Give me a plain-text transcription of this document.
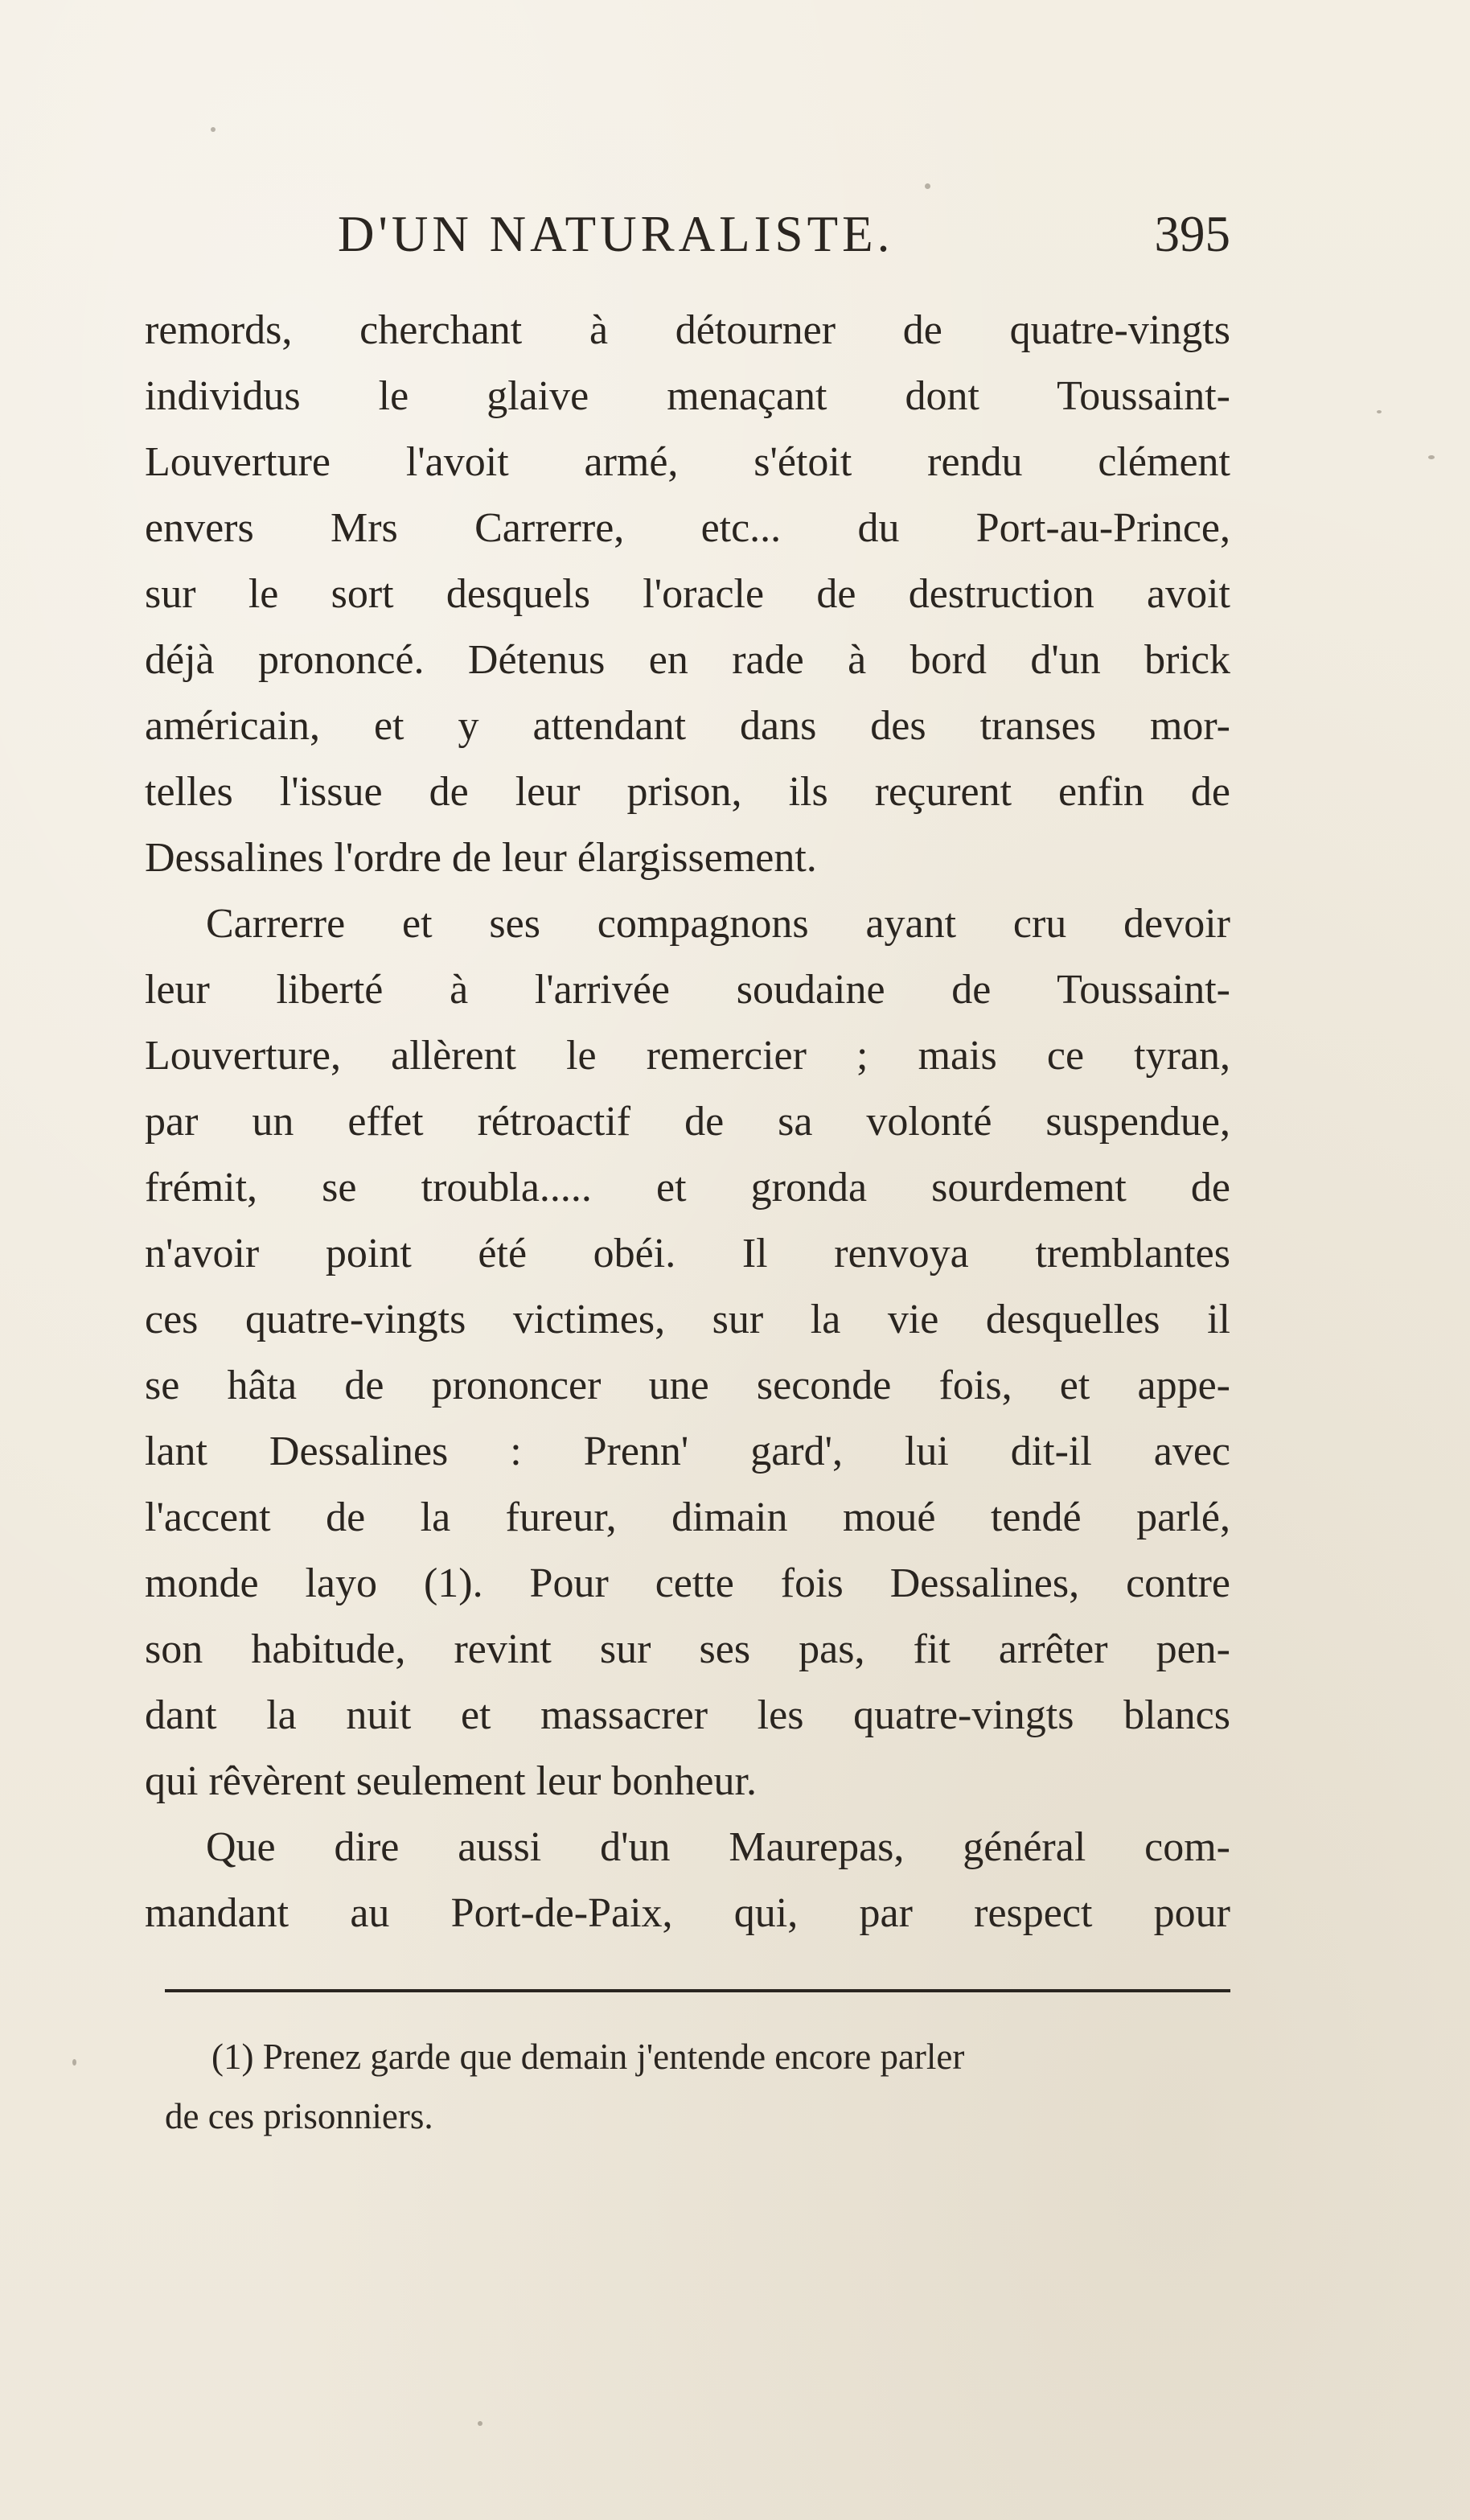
D'UN NATURALISTE.	395
remords, cherchant à détourner de quatre-vingts
individus le glaive menaçant dont Toussaint-
Louverture l'avoit armé, s'étoit rendu clément
envers Mrs Carrerre, etc... du Port-au-Prince,
sur le sort desquels l'oracle de destruction avoit
déjà prononcé. Détenus en rade à bord d'un brick
américain, et y attendant dans des transes mor-
telles l'issue de leur prison, ils reçurent enfin de
Dessalines l'ordre de leur élargissement.
Carrerre et ses compagnons ayant cru devoir
leur liberté à l'arrivée soudaine de Toussaint-
Louverture, allèrent le remercier ; mais ce tyran,
par un effet rétroactif de sa volonté suspendue,
frémit, se troubla..... et gronda sourdement de
n'avoir point été obéi. Il renvoya tremblantes
ces quatre-vingts victimes, sur la vie desquelles il
se hâta de prononcer une seconde fois, et appe-
lant Dessalines : Prenn' gard', lui dit-il avec
l'accent de la fureur, dimain moué tendé parlé,
monde layo (1). Pour cette fois Dessalines, contre
son habitude, revint sur ses pas, fit arrêter pen-
dant la nuit et massacrer les quatre-vingts blancs
qui rêvèrent seulement leur bonheur.
Que dire aussi d'un Maurepas, général com-
mandant au Port-de-Paix, qui, par respect pour
(1) Prenez garde que demain j'entende encore parler
de ces prisonniers.
